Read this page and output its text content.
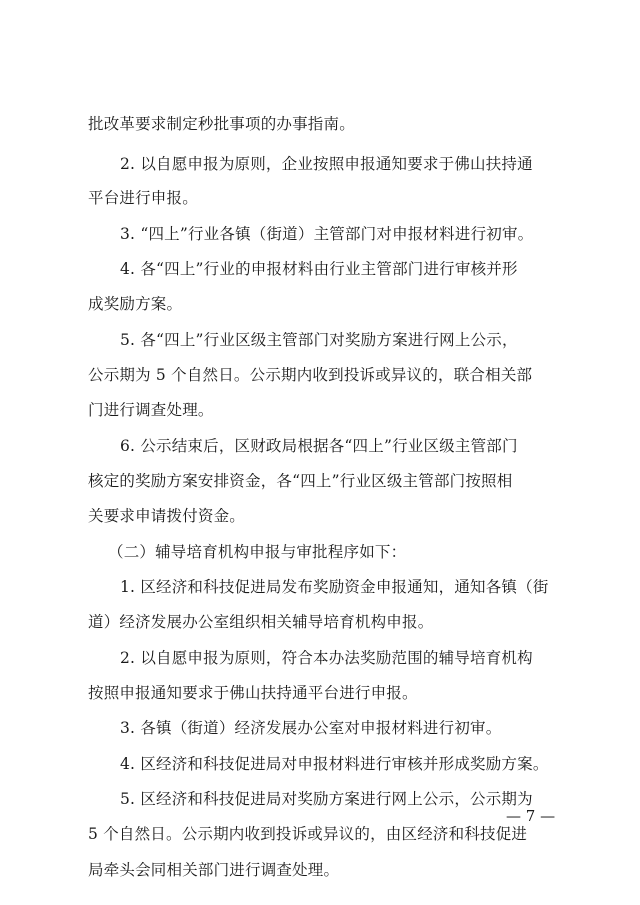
批改革要求制定秒批事项的办事指南。
2. 以自愿申报为原则，企业按照申报通知要求于佛山扶持通
平台进行申报。
3. “四上”行业各镇（街道）主管部门对申报材料进行初审。
4. 各“四上”行业的申报材料由行业主管部门进行审核并形
成奖励方案。
5. 各“四上”行业区级主管部门对奖励方案进行网上公示，
公示期为 5 个自然日。公示期内收到投诉或异议的，联合相关部
门进行调查处理。
6. 公示结束后，区财政局根据各“四上”行业区级主管部门
核定的奖励方案安排资金，各“四上”行业区级主管部门按照相
关要求申请拨付资金。
（二）辅导培育机构申报与审批程序如下：
1. 区经济和科技促进局发布奖励资金申报通知，通知各镇（街
道）经济发展办公室组织相关辅导培育机构申报。
2. 以自愿申报为原则，符合本办法奖励范围的辅导培育机构
按照申报通知要求于佛山扶持通平台进行申报。
3. 各镇（街道）经济发展办公室对申报材料进行初审。
4. 区经济和科技促进局对申报材料进行审核并形成奖励方案。
5. 区经济和科技促进局对奖励方案进行网上公示，公示期为
5 个自然日。公示期内收到投诉或异议的，由区经济和科技促进
局牵头会同相关部门进行调查处理。
— 7 —
